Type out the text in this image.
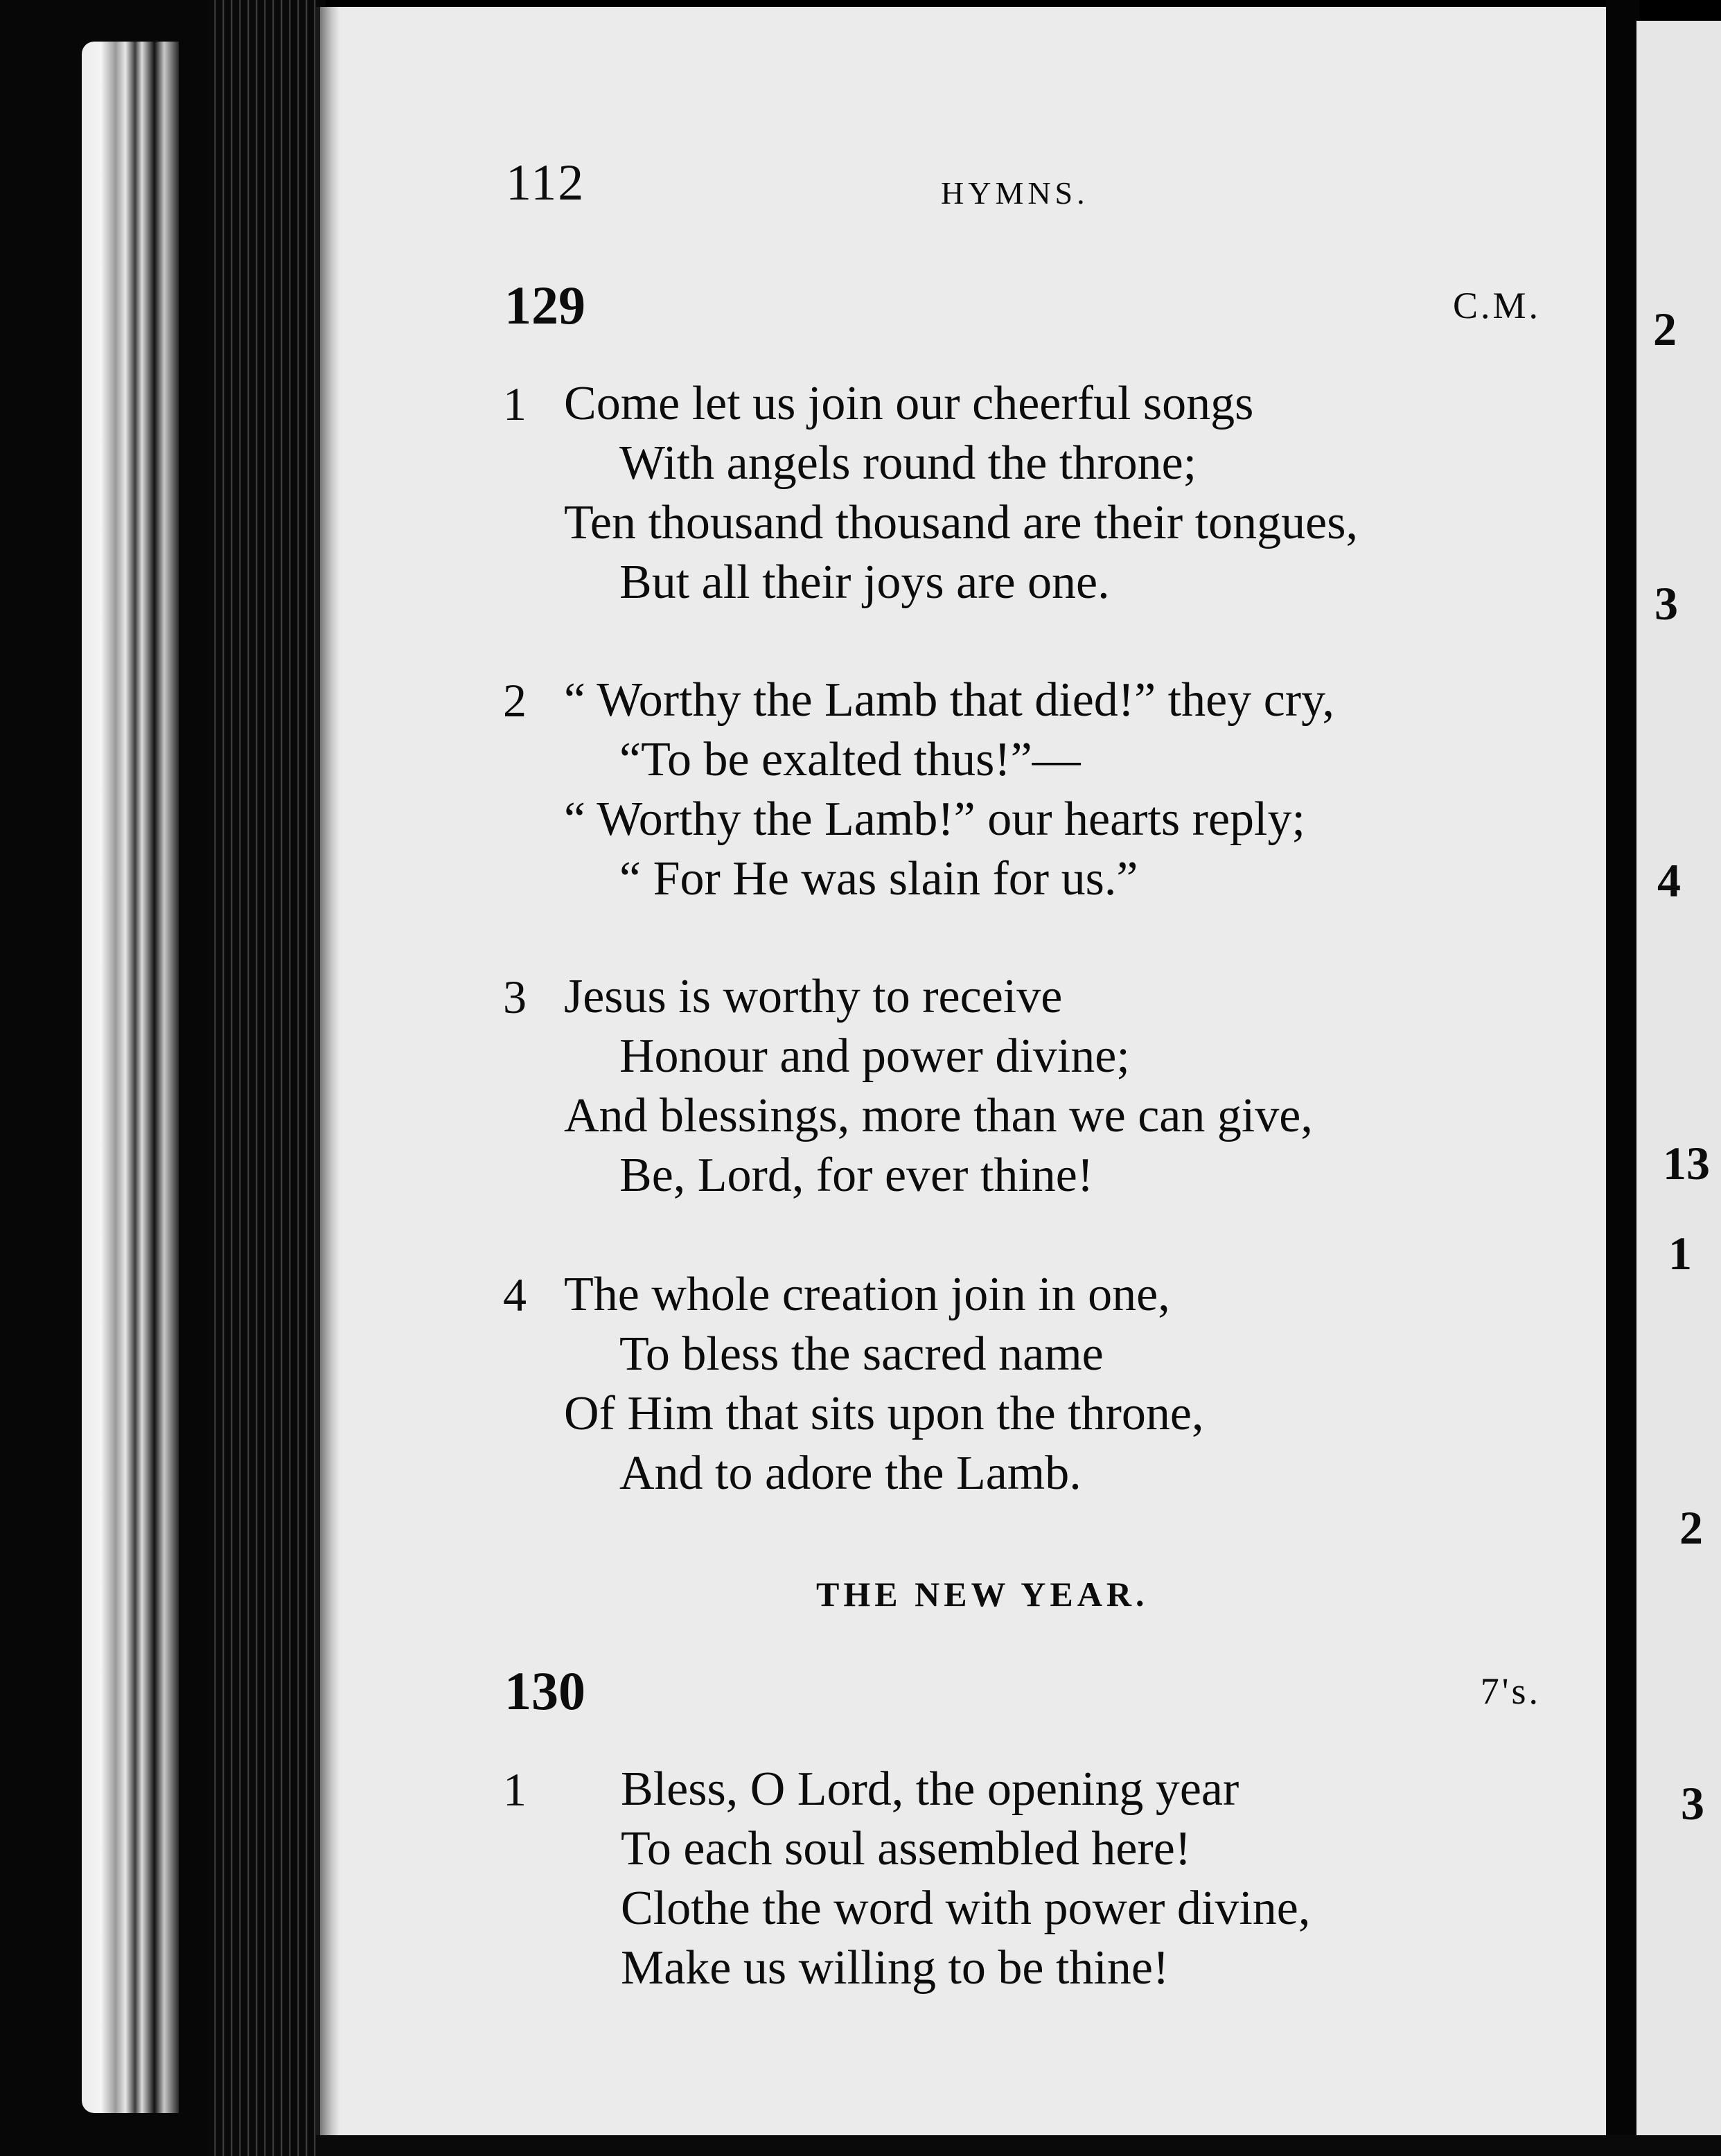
112	HYMNS.
129	C.M.
1 Come let us join our cheerful songs
With angels round the throne;
Ten thousand thousand are their tongues,
But all their joys are one.
2 “ Worthy the Lamb that died!” they cry,
“To be exalted thus!”—
“ Worthy the Lamb!” our hearts reply;
“ For He was slain for us.”
3 Jesus is worthy to receive
Honour and power divine;
And blessings, more than we can give,
Be, Lord, for ever thine!
4 The whole creation join in one,
To bless the sacred name
Of Him that sits upon the throne,
And to adore the Lamb.
THE NEW YEAR.
130	7's.
1 Bless, O Lord, the opening year
To each soul assembled here!
Clothe the word with power divine,
Make us willing to be thine!
2
3
4
13
1
2
3
